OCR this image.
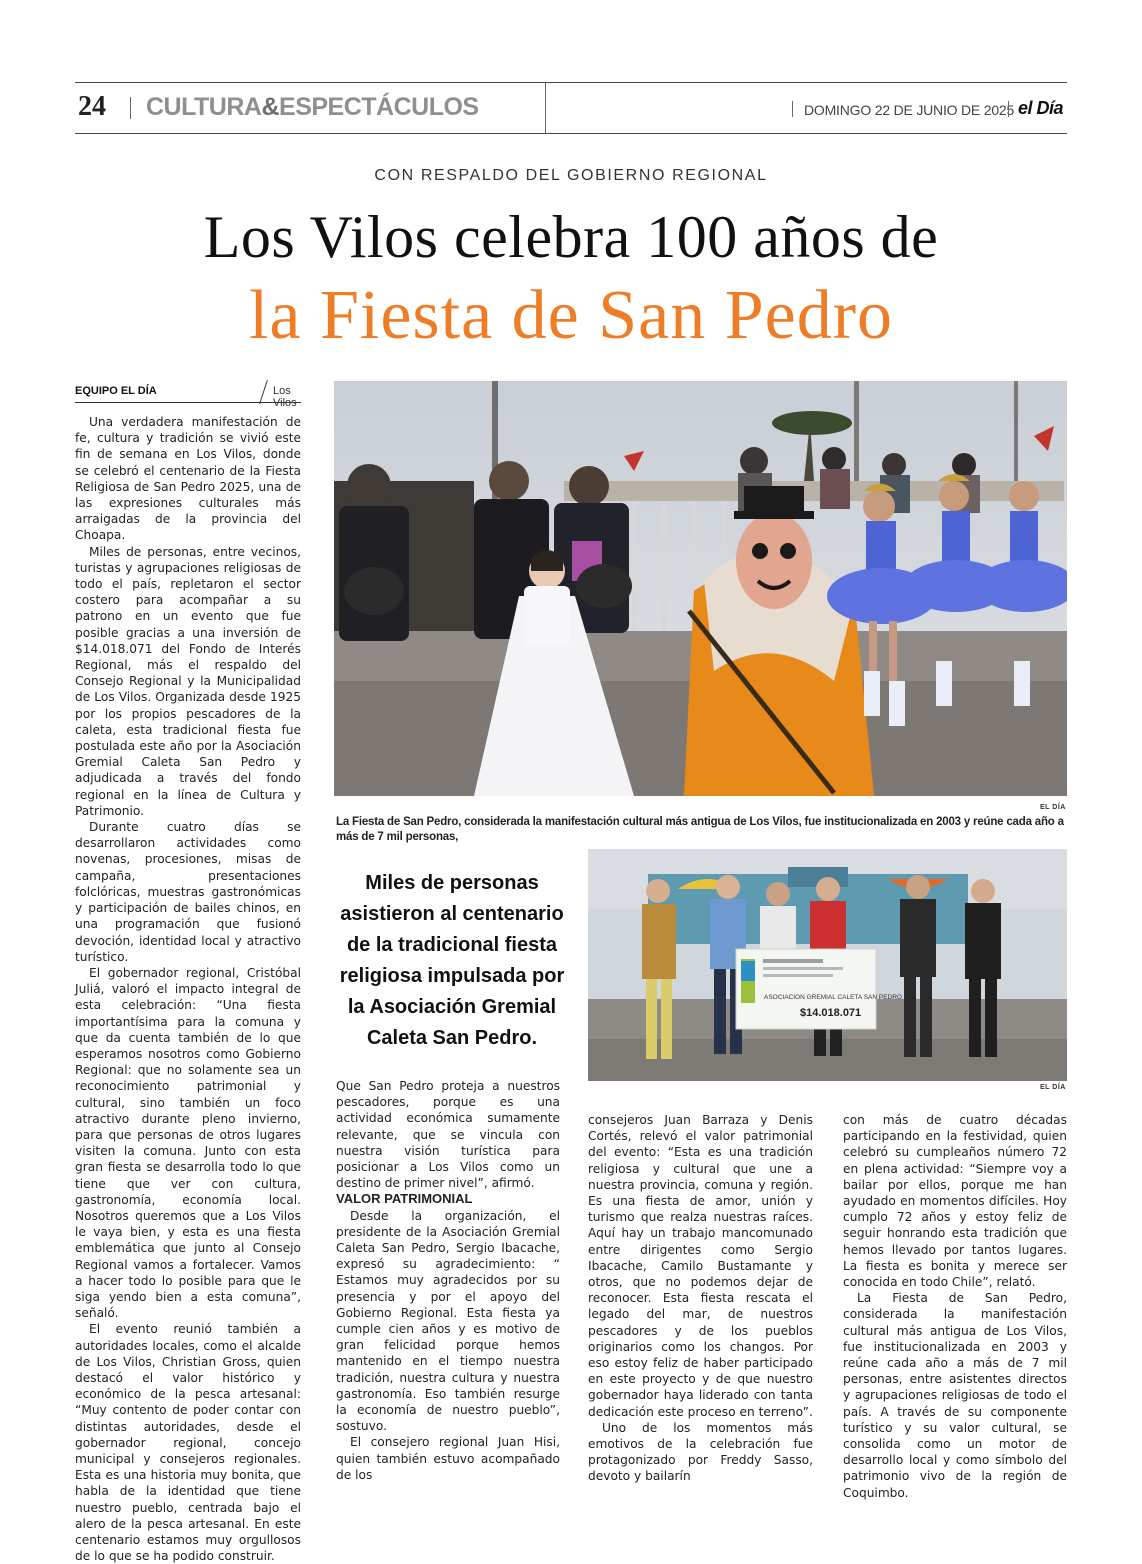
24 CULTURA&ESPECTÁCULOS	DOMINGO 22 DE JUNIO DE 2025 el Día
CON RESPALDO DEL GOBIERNO REGIONAL
Los Vilos celebra 100 años de
la Fiesta de San Pedro
EQUIPO EL DÍA	Los Vilos

Una verdadera manifestación de fe, cultura y tradición se vivió este fin de semana en Los Vilos, donde se celebró el centenario de la Fiesta Religiosa de San Pedro 2025, una de las expresiones culturales más arraigadas de la provincia del Choapa.

Miles de personas, entre vecinos, turistas y agrupaciones religiosas de todo el país, repletaron el sector costero para acompañar a su patrono en un evento que fue posible gracias a una inversión de $14.018.071 del Fondo de Interés Regional, más el respaldo del Consejo Regional y la Municipalidad de Los Vilos. Organizada desde 1925 por los propios pescadores de la caleta, esta tradicional fiesta fue postulada este año por la Asociación Gremial Caleta San Pedro y adjudicada a través del fondo regional en la línea de Cultura y Patrimonio.

Durante cuatro días se desarrollaron actividades como novenas, procesiones, misas de campaña, presentaciones folclóricas, muestras gastronómicas y participación de bailes chinos, en una programación que fusionó devoción, identidad local y atractivo turístico.

El gobernador regional, Cristóbal Juliá, valoró el impacto integral de esta celebración: “Una fiesta importantísima para la comuna y que da cuenta también de lo que esperamos nosotros como Gobierno Regional: que no solamente sea un reconocimiento patrimonial y cultural, sino también un foco atractivo durante pleno invierno, para que personas de otros lugares visiten la comuna. Junto con esta gran fiesta se desarrolla todo lo que tiene que ver con cultura, gastronomía, economía local. Nosotros queremos que a Los Vilos le vaya bien, y esta es una fiesta emblemática que junto al Consejo Regional vamos a fortalecer. Vamos a hacer todo lo posible para que le siga yendo bien a esta comuna”, señaló.

El evento reunió también a autoridades locales, como el alcalde de Los Vilos, Christian Gross, quien destacó el valor histórico y económico de la pesca artesanal: “Muy contento de poder contar con distintas autoridades, desde el gobernador regional, concejo municipal y consejeros regionales. Esta es una historia muy bonita, que habla de la identidad que tiene nuestro pueblo, centrada bajo el alero de la pesca artesanal. En este centenario estamos muy orgullosos de lo que se ha podido construir.

EL DÍA
La Fiesta de San Pedro, considerada la manifestación cultural más antigua de Los Vilos, fue institucionalizada en 2003 y reúne cada año a más de 7 mil personas,
Miles de personas asistieron al centenario de la tradicional fiesta religiosa impulsada por la Asociación Gremial Caleta San Pedro.
ASOCIACION GREMIAL CALETA SAN PEDRO
$14.018.071
EL DÍA

Que San Pedro proteja a nuestros pescadores, porque es una actividad económica sumamente relevante, que se vincula con nuestra visión turística para posicionar a Los Vilos como un destino de primer nivel”, afirmó.

VALOR PATRIMONIAL

Desde la organización, el presidente de la Asociación Gremial Caleta San Pedro, Sergio Ibacache, expresó su agradecimiento: “ Estamos muy agradecidos por su presencia y por el apoyo del Gobierno Regional. Esta fiesta ya cumple cien años y es motivo de gran felicidad porque hemos mantenido en el tiempo nuestra tradición, nuestra cultura y nuestra gastronomía. Eso también resurge la economía de nuestro pueblo”, sostuvo.

El consejero regional Juan Hisi, quien también estuvo acompañado de los

consejeros Juan Barraza y Denis Cortés, relevó el valor patrimonial del evento: “Esta es una tradición religiosa y cultural que une a nuestra provincia, comuna y región. Es una fiesta de amor, unión y turismo que realza nuestras raíces. Aquí hay un trabajo mancomunado entre dirigentes como Sergio Ibacache, Camilo Bustamante y otros, que no podemos dejar de reconocer. Esta fiesta rescata el legado del mar, de nuestros pescadores y de los pueblos originarios como los changos. Por eso estoy feliz de haber participado en este proyecto y de que nuestro gobernador haya liderado con tanta dedicación este proceso en terreno”.

Uno de los momentos más emotivos de la celebración fue protagonizado por Freddy Sasso, devoto y bailarín

con más de cuatro décadas participando en la festividad, quien celebró su cumpleaños número 72 en plena actividad: “Siempre voy a bailar por ellos, porque me han ayudado en momentos difíciles. Hoy cumplo 72 años y estoy feliz de seguir honrando esta tradición que hemos llevado por tantos lugares. La fiesta es bonita y merece ser conocida en todo Chile”, relató.

La Fiesta de San Pedro, considerada la manifestación cultural más antigua de Los Vilos, fue institucionalizada en 2003 y reúne cada año a más de 7 mil personas, entre asistentes directos y agrupaciones religiosas de todo el país. A través de su componente turístico y su valor cultural, se consolida como un motor de desarrollo local y como símbolo del patrimonio vivo de la región de Coquimbo.
